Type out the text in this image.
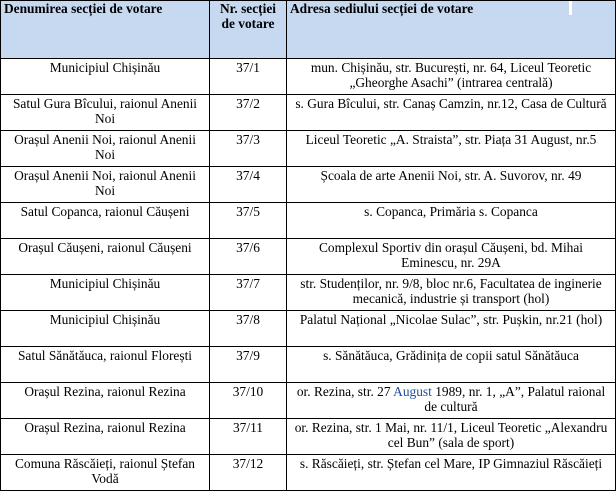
Denumirea secției de votare	Nr. secției de votare	Adresa sediului secției de votare
Municipiul Chișinău	37/1	mun. Chișinău, str. București, nr. 64, Liceul Teoretic „Gheorghe Asachi” (intrarea centrală)
Satul Gura Bîcului, raionul Anenii Noi	37/2	s. Gura Bîcului, str. Canaș Camzin, nr.12, Casa de Cultură
Orașul Anenii Noi, raionul Anenii Noi	37/3	Liceul Teoretic „A. Straista”, str. Piața 31 August, nr.5
Orașul Anenii Noi, raionul Anenii Noi	37/4	Școala de arte Anenii Noi, str. A. Suvorov, nr. 49
Satul Copanca, raionul Căușeni	37/5	s. Copanca, Primăria s. Copanca
Orașul Căușeni, raionul Căușeni	37/6	Complexul Sportiv din orașul Căușeni, bd. Mihai Eminescu, nr. 29A
Municipiul Chișinău	37/7	str. Studenților, nr. 9/8, bloc nr.6, Facultatea de inginerie mecanică, industrie și transport (hol)
Municipiul Chișinău	37/8	Palatul Național „Nicolae Sulac”, str. Pușkin, nr.21 (hol)
Satul Sănătăuca, raionul Florești	37/9	s. Sănătăuca, Grădinița de copii satul Sănătăuca
Orașul Rezina, raionul Rezina	37/10	or. Rezina, str. 27 August 1989, nr. 1, „A”, Palatul raional de cultură
Orașul Rezina, raionul Rezina	37/11	or. Rezina, str. 1 Mai, nr. 11/1, Liceul Teoretic „Alexandru cel Bun” (sala de sport)
Comuna Răscăieți, raionul Ștefan Vodă	37/12	s. Răscăieți, str. Ștefan cel Mare, IP Gimnaziul Răscăieți
